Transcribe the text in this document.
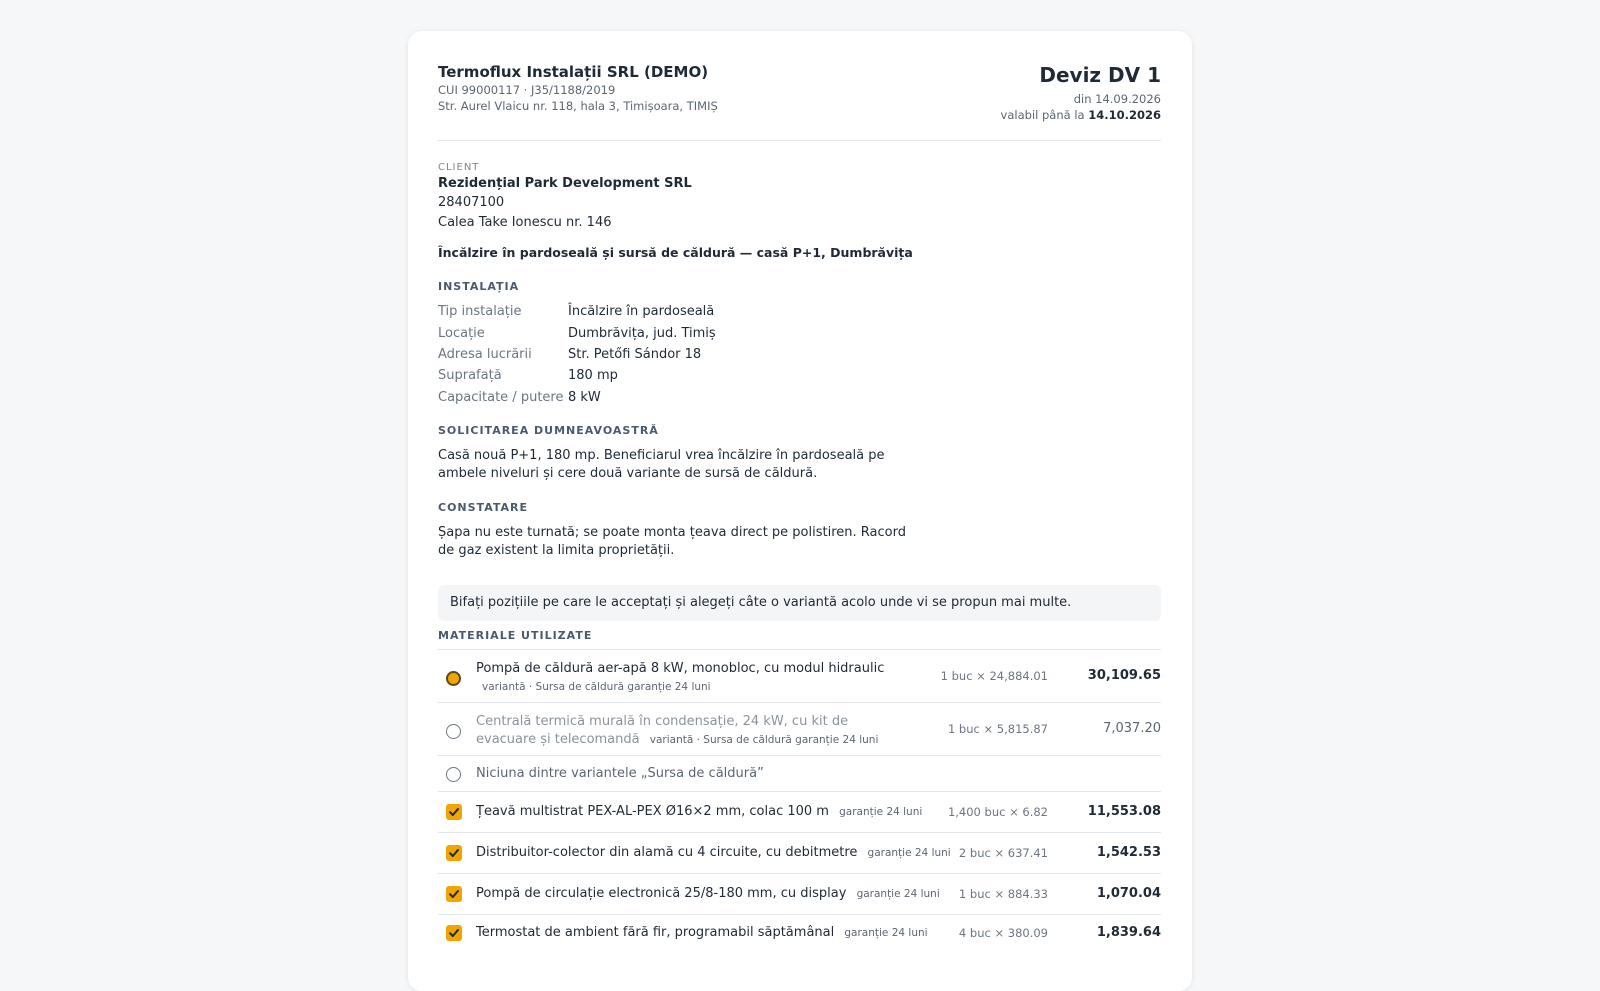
Termoflux Instalații SRL (DEMO)
CUI 99000117 · J35/1188/2019
Str. Aurel Vlaicu nr. 118, hala 3, Timișoara, TIMIȘ
Deviz DV 1
din 14.09.2026
valabil până la 14.10.2026
CLIENT
Rezidențial Park Development SRL
28407100
Calea Take Ionescu nr. 146
Încălzire în pardoseală și sursă de căldură — casă P+1, Dumbrăvița
INSTALAȚIA
Tip instalație	Încălzire în pardoseală
Locație	Dumbrăvița, jud. Timiș
Adresa lucrării	Str. Petőfi Sándor 18
Suprafață	180 mp
Capacitate / putere 8 kW
SOLICITAREA DUMNEAVOASTRĂ
Casă nouă P+1, 180 mp. Beneficiarul vrea încălzire în pardoseală pe ambele niveluri și cere două variante de sursă de căldură.
CONSTATARE
Șapa nu este turnată; se poate monta țeava direct pe polistiren. Racord de gaz existent la limita proprietății.
Bifați pozițiile pe care le acceptați și alegeți câte o variantă acolo unde vi se propun mai multe.
MATERIALE UTILIZATE
Pompă de căldură aer-apă 8 kW, monobloc, cu modul hidraulic
variantă · Sursa de căldură garanție 24 luni
1 buc × 24,884.01	30,109.65
Centrală termică murală în condensație, 24 kW, cu kit de evacuare și telecomandă variantă · Sursa de căldură garanție 24 luni
1 buc × 5,815.87	7,037.20
Niciuna dintre variantele „Sursa de căldură”
Țeavă multistrat PEX-AL-PEX Ø16×2 mm, colac 100 m garanție 24 luni	1,400 buc × 6.82	11,553.08
Distribuitor-colector din alamă cu 4 circuite, cu debitmetre garanție 24 luni 2 buc × 637.41	1,542.53
Pompă de circulație electronică 25/8-180 mm, cu display garanție 24 luni	1 buc × 884.33	1,070.04
Termostat de ambient fără fir, programabil săptămânal garanție 24 luni	4 buc × 380.09	1,839.64
